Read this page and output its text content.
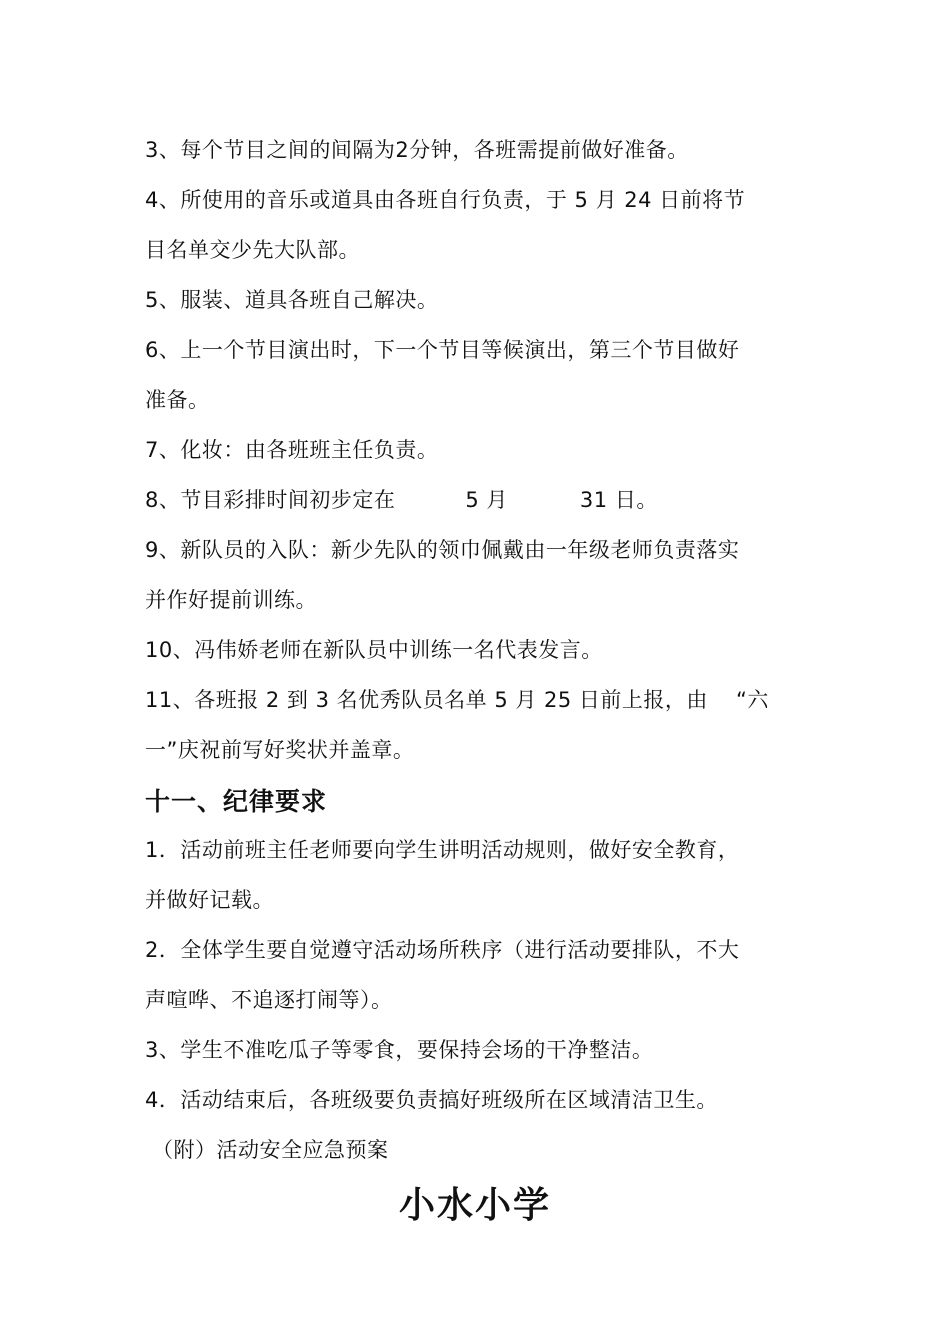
3、每个节目之间的间隔为2分钟，各班需提前做好准备。
4、所使用的音乐或道具由各班自行负责，于 5 月 24 日前将节
目名单交少先大队部。
5、服装、道具各班自己解决。
6、上一个节目演出时，下一个节目等候演出，第三个节目做好
准备。
7、化妆：由各班班主任负责。
8、节目彩排时间初步定在	5 月	31 日。
9、新队员的入队：新少先队的领巾佩戴由一年级老师负责落实
并作好提前训练。
10、冯伟娇老师在新队员中训练一名代表发言。
11、各班报 2 到 3 名优秀队员名单 5 月 25 日前上报，由 “六
一”庆祝前写好奖状并盖章。
十一、纪律要求
1．活动前班主任老师要向学生讲明活动规则，做好安全教育，
并做好记载。
2．全体学生要自觉遵守活动场所秩序（进行活动要排队，不大
声喧哗、不追逐打闹等）。
3、学生不准吃瓜子等零食，要保持会场的干净整洁。
4．活动结束后，各班级要负责搞好班级所在区域清洁卫生。
（附）活动安全应急预案
小水小学
